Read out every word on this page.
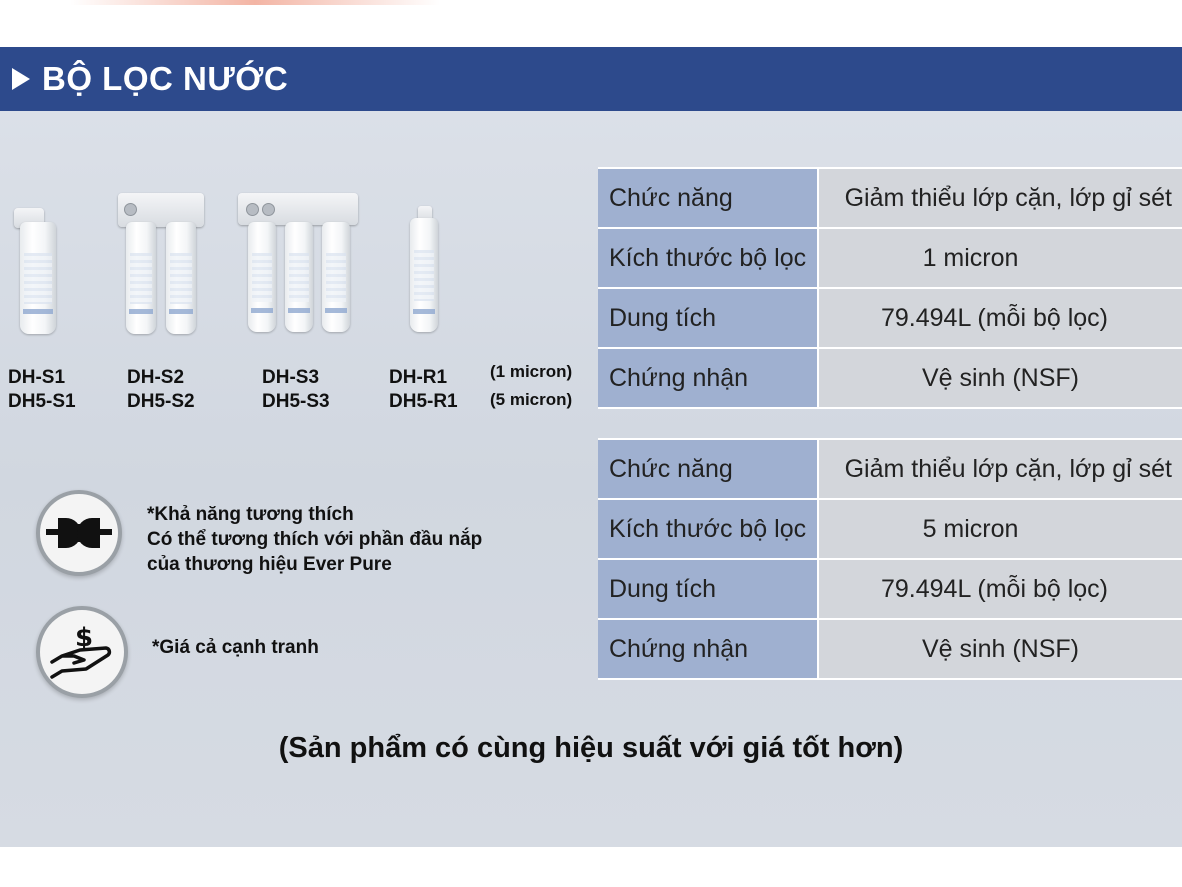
BỘ LỌC NƯỚC
DH-S1
DH5-S1
DH-S2
DH5-S2
DH-S3
DH5-S3
DH-R1
DH5-R1
(1 micron)
(5 micron)
*Khả năng tương thích
Có thể tương thích với phần đầu nắp
của thương hiệu Ever Pure
$	*Giá cả cạnh tranh
Chức năng	Giảm thiểu lớp cặn, lớp gỉ sét
Kích thước bộ lọc	1 micron
Dung tích	79.494L (mỗi bộ lọc)
Chứng nhận	Vệ sinh (NSF)
Chức năng	Giảm thiểu lớp cặn, lớp gỉ sét
Kích thước bộ lọc	5 micron
Dung tích	79.494L (mỗi bộ lọc)
Chứng nhận	Vệ sinh (NSF)
(Sản phẩm có cùng hiệu suất với giá tốt hơn)
